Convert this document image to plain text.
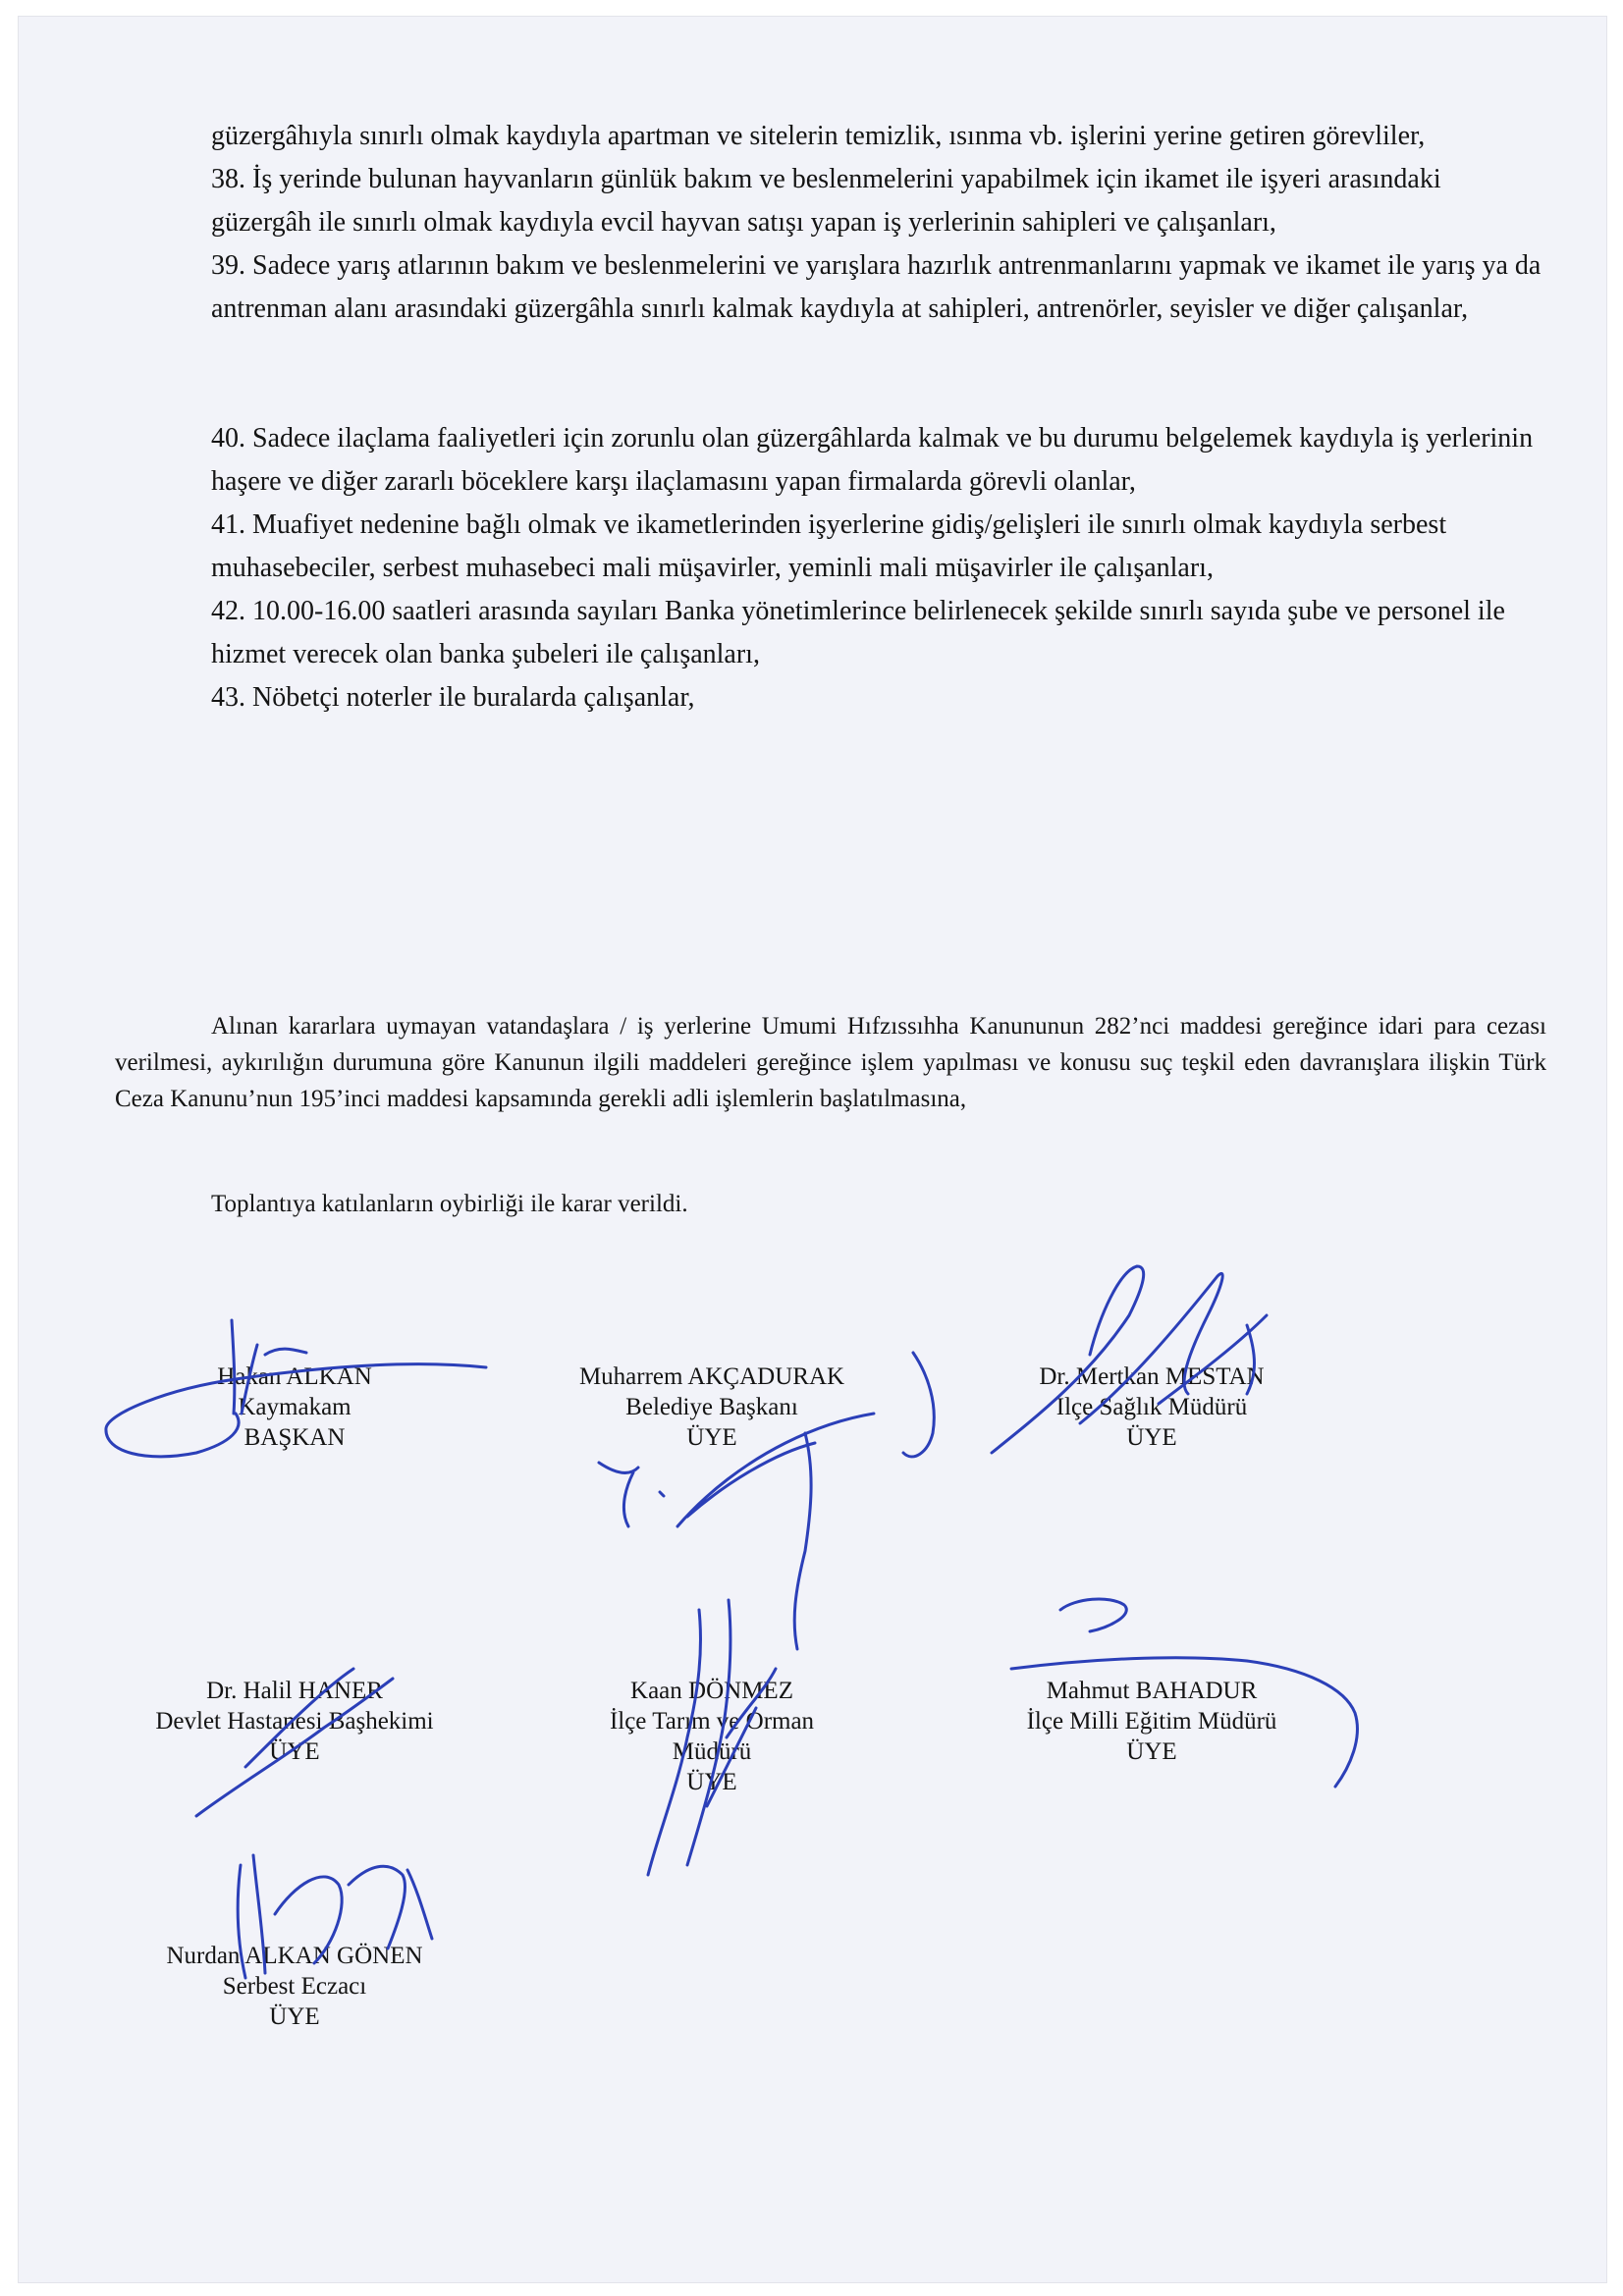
güzergâhıyla sınırlı olmak kaydıyla apartman ve sitelerin temizlik, ısınma vb. işlerini yerine getiren görevliler,

38. İş yerinde bulunan hayvanların günlük bakım ve beslenmelerini yapabilmek için ikamet ile işyeri arasındaki güzergâh ile sınırlı olmak kaydıyla evcil hayvan satışı yapan iş yerlerinin sahipleri ve çalışanları,

39. Sadece yarış atlarının bakım ve beslenmelerini ve yarışlara hazırlık antrenmanlarını yapmak ve ikamet ile yarış ya da antrenman alanı arasındaki güzergâhla sınırlı kalmak kaydıyla at sahipleri, antrenörler, seyisler ve diğer çalışanlar,

40. Sadece ilaçlama faaliyetleri için zorunlu olan güzergâhlarda kalmak ve bu durumu belgelemek kaydıyla iş yerlerinin haşere ve diğer zararlı böceklere karşı ilaçlamasını yapan firmalarda görevli olanlar,

41. Muafiyet nedenine bağlı olmak ve ikametlerinden işyerlerine gidiş/gelişleri ile sınırlı olmak kaydıyla serbest muhasebeciler, serbest muhasebeci mali müşavirler, yeminli mali müşavirler ile çalışanları,

42. 10.00-16.00 saatleri arasında sayıları Banka yönetimlerince belirlenecek şekilde sınırlı sayıda şube ve personel ile hizmet verecek olan banka şubeleri ile çalışanları,

43. Nöbetçi noterler ile buralarda çalışanlar,

Alınan kararlara uymayan vatandaşlara / iş yerlerine Umumi Hıfzıssıhha Kanununun 282’nci maddesi gereğince idari para cezası verilmesi, aykırılığın durumuna göre Kanunun ilgili maddeleri gereğince işlem yapılması ve konusu suç teşkil eden davranışlara ilişkin Türk Ceza Kanunu’nun 195’inci maddesi kapsamında gerekli adli işlemlerin başlatılmasına,

Toplantıya katılanların oybirliği ile karar verildi.
Hakan ALKAN
Kaymakam
BAŞKAN
Muharrem AKÇADURAK
Belediye Başkanı
ÜYE
Dr. Mertkan MESTAN
İlçe Sağlık Müdürü
ÜYE
Dr. Halil HANER
Devlet Hastanesi Başhekimi
ÜYE
Kaan DÖNMEZ
İlçe Tarım ve Orman
Müdürü
ÜYE
Mahmut BAHADUR
İlçe Milli Eğitim Müdürü
ÜYE
Nurdan ALKAN GÖNEN
Serbest Eczacı
ÜYE
